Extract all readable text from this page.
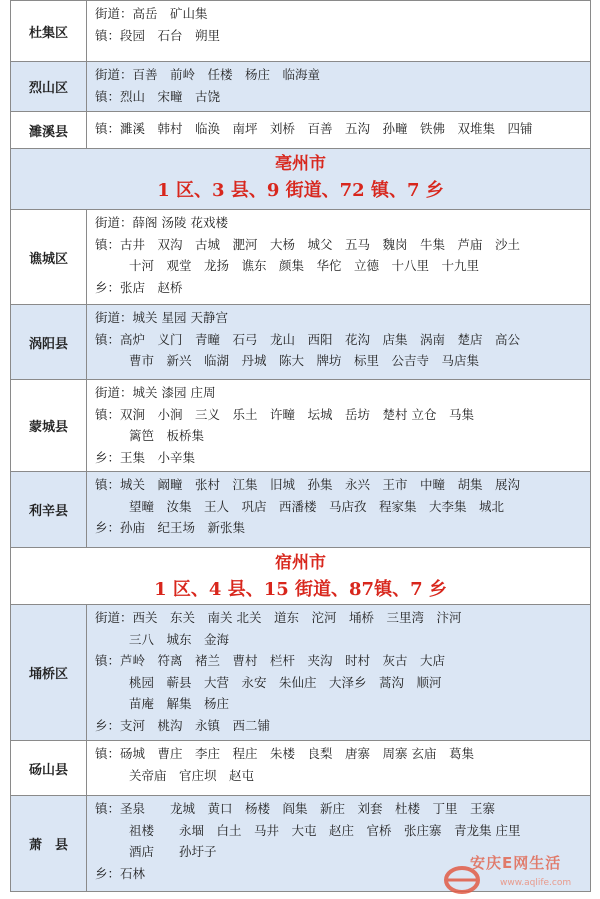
杜集区
街道：高岳　矿山集
镇：段园　石台　朔里
烈山区
街道：百善　前岭　任楼　杨庄　临海童
镇：烈山　宋疃　古饶
濉溪县	镇：濉溪　韩村　临涣　南坪　刘桥　百善　五沟　孙疃　铁佛　双堆集　四铺
亳州市
1 区、3 县、9 街道、72 镇、7 乡
谯城区
街道：薛阁 汤陵 花戏楼
镇：古井　双沟　古城　淝河　大杨　城父　五马　魏岗　牛集　芦庙　沙土
十河　观堂　龙扬　谯东　颜集　华佗　立德　十八里　十九里
乡：张店　赵桥
涡阳县
街道：城关 星园 天静宫
镇：高炉　义门　青疃　石弓　龙山　西阳　花沟　店集　涡南　楚店　高公
曹市　新兴　临湖　丹城　陈大　牌坊　标里　公吉寺　马店集
蒙城县
街道：城关 漆园 庄周
镇：双涧　小涧　三义　乐土　许疃　坛城　岳坊　楚村 立仓　马集
篱笆　板桥集
乡：王集　小辛集
利辛县
镇：城关　阚疃　张村　江集　旧城　孙集　永兴　王市　中疃　胡集　展沟
望疃　汝集　王人　巩店　西潘楼　马店孜　程家集　大李集　城北
乡：孙庙　纪王场　新张集
宿州市
1 区、4 县、15 街道、87镇、7 乡
埇桥区
街道：西关　东关　南关 北关　道东　沱河　埇桥　三里湾　汴河
三八　城东　金海
镇：芦岭　符离　褚兰　曹村　栏杆　夹沟　时村　灰古　大店
桃园　蕲县　大营　永安　朱仙庄　大泽乡　蒿沟　顺河
苗庵　解集　杨庄
乡：支河　桃沟　永镇　西二铺
砀山县
镇：砀城　曹庄　李庄　程庄　朱楼　良梨　唐寨　周寨 玄庙　葛集
关帝庙　官庄坝　赵屯
萧　县
镇：圣泉　　龙城　黄口　杨楼　阎集　新庄　刘套　杜楼　丁里　王寨
祖楼　　永堌　白土　马井　大屯　赵庄　官桥　张庄寨　青龙集 庄里
酒店　　孙圩子
乡：石林
安庆E网生活
www.aqlife.com
